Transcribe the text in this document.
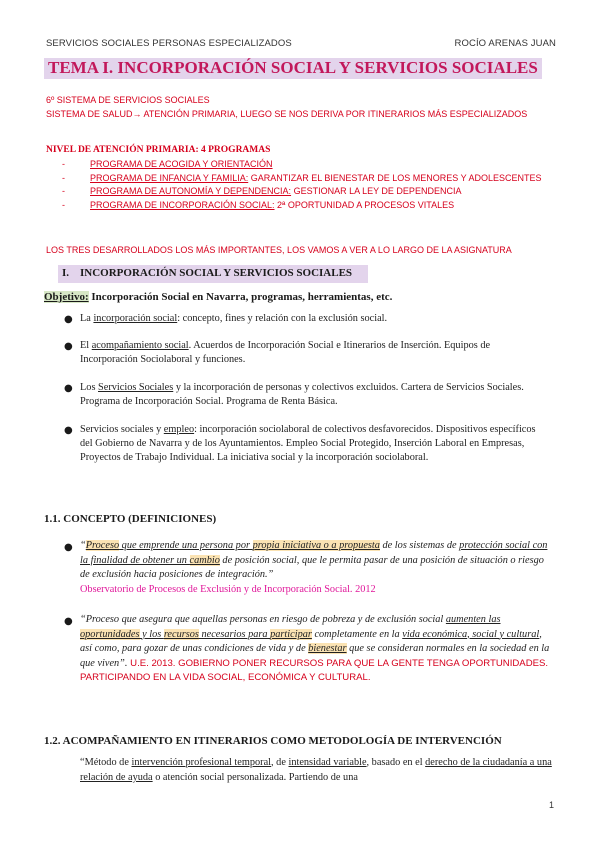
SERVICIOS SOCIALES PERSONAS ESPECIALIZADOS	ROCÍO ARENAS JUAN
TEMA I. INCORPORACIÓN SOCIAL Y SERVICIOS SOCIALES
6º SISTEMA DE SERVICIOS SOCIALES
SISTEMA DE SALUD→ ATENCIÓN PRIMARIA, LUEGO SE NOS DERIVA POR ITINERARIOS MÁS ESPECIALIZADOS
NIVEL DE ATENCIÓN PRIMARIA: 4 PROGRAMAS
-	PROGRAMA DE ACOGIDA Y ORIENTACIÓN
-	PROGRAMA DE INFANCIA Y FAMILIA: GARANTIZAR EL BIENESTAR DE LOS MENORES Y ADOLESCENTES
-	PROGRAMA DE AUTONOMÍA Y DEPENDENCIA: GESTIONAR LA LEY DE DEPENDENCIA
-	PROGRAMA DE INCORPORACIÓN SOCIAL: 2ª OPORTUNIDAD A PROCESOS VITALES
LOS TRES DESARROLLADOS LOS MÁS IMPORTANTES, LOS VAMOS A VER A LO LARGO DE LA ASIGNATURA
I. INCORPORACIÓN SOCIAL Y SERVICIOS SOCIALES
Objetivo: Incorporación Social en Navarra, programas, herramientas, etc.
● La incorporación social: concepto, fines y relación con la exclusión social.
● El acompañamiento social. Acuerdos de Incorporación Social e Itinerarios de Inserción. Equipos de Incorporación Sociolaboral y funciones.
● Los Servicios Sociales y la incorporación de personas y colectivos excluidos. Cartera de Servicios Sociales. Programa de Incorporación Social. Programa de Renta Básica.
● Servicios sociales y empleo: incorporación sociolaboral de colectivos desfavorecidos. Dispositivos específicos del Gobierno de Navarra y de los Ayuntamientos. Empleo Social Protegido, Inserción Laboral en Empresas, Proyectos de Trabajo Individual. La iniciativa social y la incorporación sociolaboral.
1.1. CONCEPTO (DEFINICIONES)
● “Proceso que emprende una persona por propia iniciativa o a propuesta de los sistemas de protección social con la finalidad de obtener un cambio de posición social, que le permita pasar de una posición de situación o riesgo de exclusión hacia posiciones de integración.”
Observatorio de Procesos de Exclusión y de Incorporación Social. 2012
● “Proceso que asegura que aquellas personas en riesgo de pobreza y de exclusión social aumenten las oportunidades y los recursos necesarios para participar completamente en la vida económica, social y cultural, así como, para gozar de unas condiciones de vida y de bienestar que se consideran normales en la sociedad en la que viven”. U.E. 2013. GOBIERNO PONER RECURSOS PARA QUE LA GENTE TENGA OPORTUNIDADES. PARTICIPANDO EN LA VIDA SOCIAL, ECONÓMICA Y CULTURAL.
1.2. ACOMPAÑAMIENTO EN ITINERARIOS COMO METODOLOGÍA DE INTERVENCIÓN
“Método de intervención profesional temporal, de intensidad variable, basado en el derecho de la ciudadanía a una relación de ayuda o atención social personalizada. Partiendo de una
1
